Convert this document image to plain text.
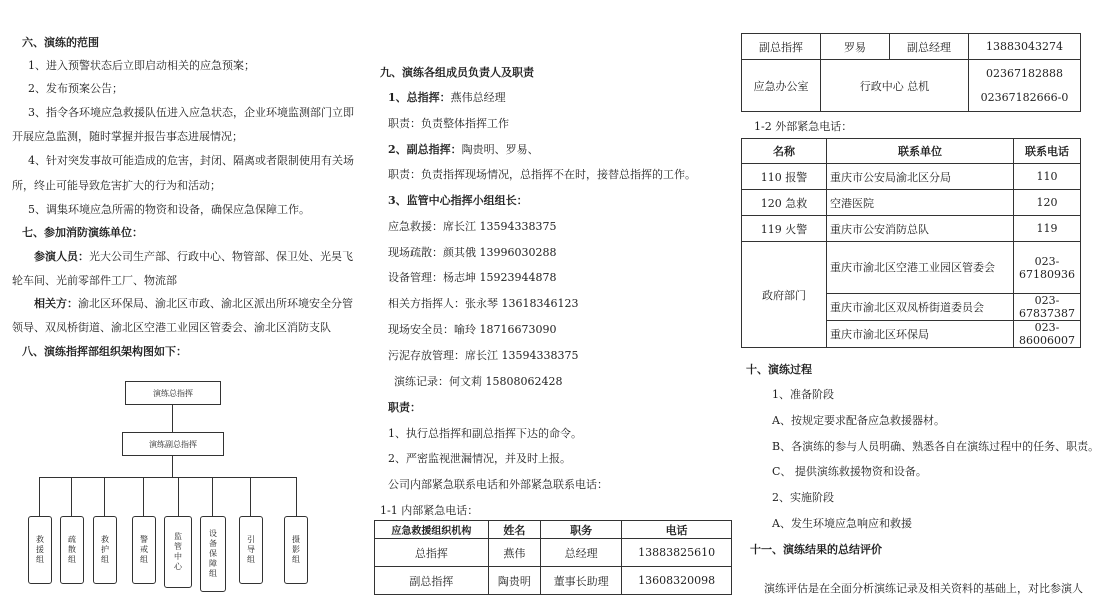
六、演练的范围
1、进入预警状态后立即启动相关的应急预案；
2、发布预案公告；
3、指令各环境应急救援队伍进入应急状态，企业环境监测部门立即
开展应急监测，随时掌握并报告事态进展情况；
4、针对突发事故可能造成的危害，封闭、隔离或者限制使用有关场
所，终止可能导致危害扩大的行为和活动；
5、调集环境应急所需的物资和设备，确保应急保障工作。
七、参加消防演练单位：
参演人员：光大公司生产部、行政中心、物管部、保卫处、光昊飞
轮车间、光前零部件工厂、物流部
相关方：渝北区环保局、渝北区市政、渝北区派出所环境安全分管
领导、双凤桥街道、渝北区空港工业园区管委会、渝北区消防支队
八、演练指挥部组织架构图如下：
演练总指挥
演练副总指挥
救援组	疏散组	救护组	警戒组	监管中心	设备保障组	引导组	摄影组
九、演练各组成员负责人及职责
1、总指挥：燕伟总经理
职责：负责整体指挥工作
2、副总指挥：陶贵明、罗易、
职责：负责指挥现场情况，总指挥不在时，接替总指挥的工作。
3、监管中心指挥小组组长：
应急救援：席长江 13594338375
现场疏散：颜其俄 13996030288
设备管理：杨志坤 15923944878
相关方指挥人：张永琴 13618346123
现场安全员：喻玲 18716673090
污泥存放管理：席长江 13594338375
演练记录：何文莉 15808062428
职责：
1、执行总指挥和副总指挥下达的命令。
2、严密监视泄漏情况，并及时上报。
公司内部紧急联系电话和外部紧急联系电话：
1-1 内部紧急电话：
应急救援组织机构	姓名	职务	电话
总指挥	燕伟	总经理	13883825610
副总指挥	陶贵明	董事长助理	13608320098
副总指挥	罗易	副总经理	13883043274
应急办公室	行政中心 总机		02367182888
02367182666-0
1-2 外部紧急电话：
名称	联系单位	联系电话
110 报警	重庆市公安局渝北区分局	110
120 急救	空港医院	120
119 火警	重庆市公安消防总队	119
政府部门	重庆市渝北区空港工业园区管委会	023-67180936
	重庆市渝北区双凤桥街道委员会	023-67837387
	重庆市渝北区环保局	023-86006007
十、演练过程
1、准备阶段
A、按规定要求配备应急救援器材。
B、各演练的参与人员明确、熟悉各自在演练过程中的任务、职责。
C、 提供演练救援物资和设备。
2、实施阶段
A、发生环境应急响应和救援
十一、演练结果的总结评价
演练评估是在全面分析演练记录及相关资料的基础上，对比参演人
